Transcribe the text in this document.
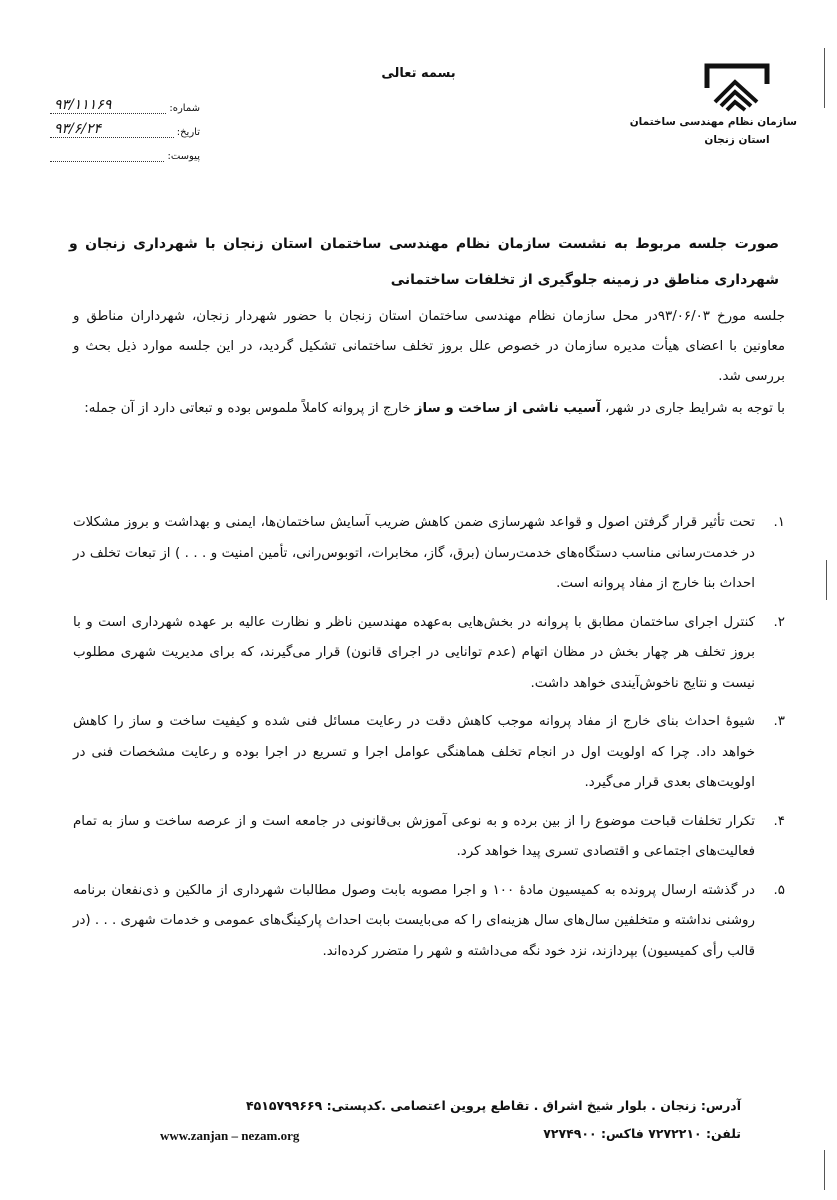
بسمه تعالی
سازمان نظام مهندسی ساختمان
استان زنجان
۹۳/۱۱۱۶۹	شماره:
۹۳/۶/۲۴	تاریخ:
پیوست:
صورت جلسه مربوط به نشست سازمان نظام مهندسی ساختمان استان زنجان با شهرداری زنجان و شهرداری مناطق در زمینه جلوگیری از تخلفات ساختمانی

جلسه مورخ ۹۳/۰۶/۰۳در محل سازمان نظام مهندسی ساختمان استان زنجان با حضور شهردار زنجان، شهرداران مناطق و معاونین با اعضای هیأت مدیره سازمان در خصوص علل بروز تخلف ساختمانی تشکیل گردید، در این جلسه موارد ذیل بحث و بررسی شد.

با توجه به شرایط جاری در شهر، آسیب ناشی از ساخت و ساز خارج از پروانه کاملاً ملموس بوده و تبعاتی دارد از آن جمله:

۱.
تحت تأثیر قرار گرفتن اصول و قواعد شهرسازی ضمن کاهش ضریب آسایش ساختمان‌ها، ایمنی و بهداشت و بروز مشکلات در خدمت‌رسانی مناسب دستگاه‌های خدمت‌رسان (برق، گاز، مخابرات، اتوبوس‌رانی، تأمین امنیت و . . . ) از تبعات تخلف در احداث بنا خارج از مفاد پروانه است.
۲.
کنترل اجرای ساختمان مطابق با پروانه در بخش‌هایی به‌عهده مهندسین ناظر و نظارت عالیه بر عهده شهرداری است و با بروز تخلف هر چهار بخش در مظان اتهام (عدم توانایی در اجرای قانون) قرار می‌گیرند، که برای مدیریت شهری مطلوب نیست و نتایج ناخوش‌آیندی خواهد داشت.
۳.
شیوهٔ احداث بنای خارج از مفاد پروانه موجب کاهش دقت در رعایت مسائل فنی شده و کیفیت ساخت و ساز را کاهش خواهد داد. چرا که اولویت اول در انجام تخلف هماهنگی عوامل اجرا و تسریع در اجرا بوده و رعایت مشخصات فنی در اولویت‌های بعدی قرار می‌گیرد.
۴.
تکرار تخلفات قباحت موضوع را از بین برده و به نوعی آموزش بی‌قانونی در جامعه است و از عرصه ساخت و ساز به تمام فعالیت‌های اجتماعی و اقتصادی تسری پیدا خواهد کرد.
۵.
در گذشته ارسال پرونده به کمیسیون مادهٔ ۱۰۰ و اجرا مصوبه بابت وصول مطالبات شهرداری از مالکین و ذی‌نفعان برنامه روشنی نداشته و متخلفین سال‌های سال هزینه‌ای را که می‌بایست بابت احداث پارکینگ‌های عمومی و خدمات شهری . . . (در قالب رأی کمیسیون) بپردازند، نزد خود نگه می‌داشته و شهر را متضرر کرده‌اند.
آدرس: زنجان . بلوار شیخ اشراق . تقاطع پروین اعتصامی .کدپستی: ۴۵۱۵۷۹۹۶۶۹
تلفن: ۷۲۷۲۲۱۰ فاکس: ۷۲۷۴۹۰۰
www.zanjan – nezam.org
